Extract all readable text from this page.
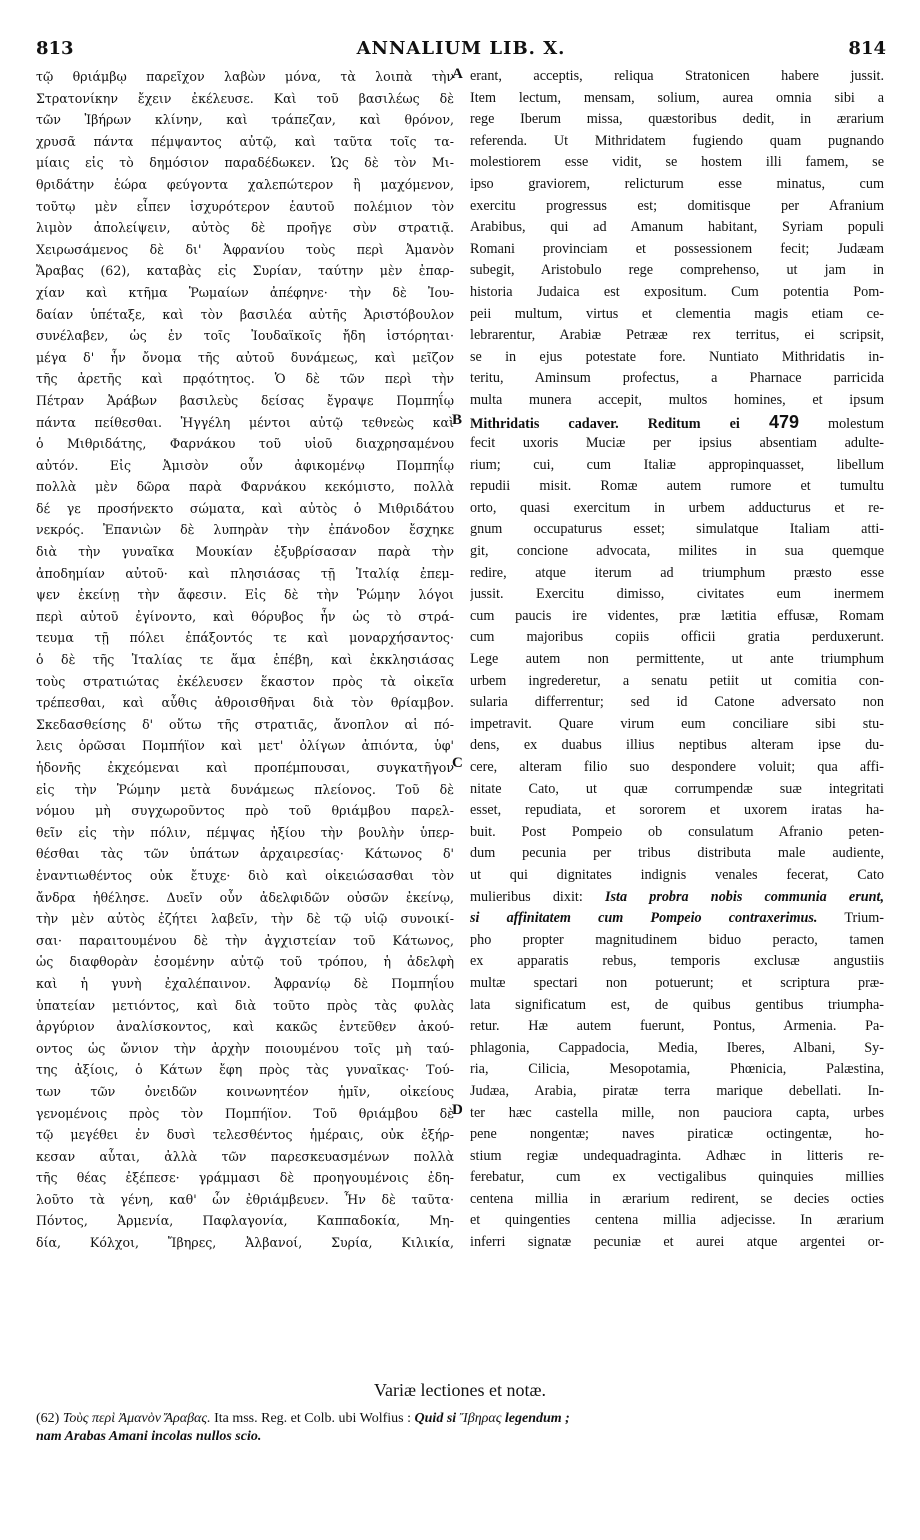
813	ANNALIUM LIB. X.	814
τῷ θριάμβῳ παρεῖχον λαβὼν μόνα, τὰ λοιπὰ τὴν
Στρατονίκην ἔχειν ἐκέλευσε. Καὶ τοῦ βασιλέως δὲ
τῶν Ἰβήρων κλίνην, καὶ τράπεζαν, καὶ θρόνον,
χρυσᾶ πάντα πέμψαντος αὐτῷ, καὶ ταῦτα τοῖς τα-
μίαις εἰς τὸ δημόσιον παραδέδωκεν. Ὡς δὲ τὸν Μι-
θριδάτην ἑώρα φεύγοντα χαλεπώτερον ἢ μαχόμενον,
τοῦτῳ μὲν εἶπεν ἰσχυρότερον ἑαυτοῦ πολέμιον τὸν
λιμὸν ἀπολείψειν, αὐτὸς δὲ προῆγε σὺν στρατιᾷ.
Χειρωσάμενος δὲ δι' Ἀφρανίου τοὺς περὶ Ἀμανὸν
Ἄραβας (62), καταβὰς εἰς Συρίαν, ταύτην μὲν ἐπαρ-
χίαν καὶ κτῆμα Ῥωμαίων ἀπέφηνε· τὴν δὲ Ἰου-
δαίαν ὑπέταξε, καὶ τὸν βασιλέα αὐτῆς Ἀριστόβουλον
συνέλαβεν, ὡς ἐν τοῖς Ἰουδαϊκοῖς ἤδη ἱστόρηται·
μέγα δ' ἦν ὄνομα τῆς αὐτοῦ δυνάμεως, καὶ μεῖζον
τῆς ἀρετῆς καὶ πρᾳότητος. Ὁ δὲ τῶν περὶ τὴν
Πέτραν Ἀράβων βασιλεὺς δείσας ἔγραψε Πομπηΐῳ
πάντα πείθεσθαι. Ἠγγέλη μέντοι αὐτῷ τεθνεὼς καὶ
ὁ Μιθριδάτης, Φαρνάκου τοῦ υἱοῦ διαχρησαμένου
αὐτόν. Εἰς Ἀμισὸν οὖν ἀφικομένῳ Πομπηΐῳ
πολλὰ μὲν δῶρα παρὰ Φαρνάκου κεκόμιστο, πολλὰ
δέ γε προσήνεκτο σώματα, καὶ αὐτὸς ὁ Μιθριδάτου
νεκρός. Ἐπανιὼν δὲ λυπηρὰν τὴν ἐπάνοδον ἔσχηκε
διὰ τὴν γυναῖκα Μουκίαν ἐξυβρίσασαν παρὰ τὴν
ἀποδημίαν αὐτοῦ· καὶ πλησιάσας τῇ Ἰταλίᾳ ἐπεμ-
ψεν ἐκείνῃ τὴν ἄφεσιν. Εἰς δὲ τὴν Ῥώμην λόγοι
περὶ αὐτοῦ ἐγίνοντο, καὶ θόρυβος ἦν ὡς τὸ στρά-
τευμα τῇ πόλει ἐπάξοντός τε καὶ μοναρχήσαντος·
ὁ δὲ τῆς Ἰταλίας τε ἅμα ἐπέβη, καὶ ἐκκλησιάσας
τοὺς στρατιώτας ἐκέλευσεν ἕκαστον πρὸς τὰ οἰκεῖα
τρέπεσθαι, καὶ αὖθις ἀθροισθῆναι διὰ τὸν θρίαμβον.
Σκεδασθείσης δ' οὕτω τῆς στρατιᾶς, ἄνοπλον αἱ πό-
λεις ὁρῶσαι Πομπήϊον καὶ μετ' ὀλίγων ἀπιόντα, ὑφ'
ἡδονῆς ἐκχεόμεναι καὶ προπέμπουσαι, συγκατῆγον
εἰς τὴν Ῥώμην μετὰ δυνάμεως πλείονος. Τοῦ δὲ
νόμου μὴ συγχωροῦντος πρὸ τοῦ θριάμβου παρελ-
θεῖν εἰς τὴν πόλιν, πέμψας ἠξίου τὴν βουλὴν ὑπερ-
θέσθαι τὰς τῶν ὑπάτων ἀρχαιρεσίας· Κάτωνος δ'
ἐναντιωθέντος οὐκ ἔτυχε· διὸ καὶ οἰκειώσασθαι τὸν
ἄνδρα ἠθέλησε. Δυεῖν οὖν ἀδελφιδῶν οὐσῶν ἐκείνῳ,
τὴν μὲν αὐτὸς ἐζήτει λαβεῖν, τὴν δὲ τῷ υἱῷ συνοικί-
σαι· παραιτουμένου δὲ τὴν ἀγχιστείαν τοῦ Κάτωνος,
ὡς διαφθορὰν ἐσομένην αὐτῷ τοῦ τρόπου, ἡ ἀδελφὴ
καὶ ἡ γυνὴ ἐχαλέπαινον. Ἀφρανίῳ δὲ Πομπηΐου
ὑπατείαν μετιόντος, καὶ διὰ τοῦτο πρὸς τὰς φυλὰς
ἀργύριον ἀναλίσκοντος, καὶ κακῶς ἐντεῦθεν ἀκού-
οντος ὡς ὤνιον τὴν ἀρχὴν ποιουμένου τοῖς μὴ ταύ-
της ἀξίοις, ὁ Κάτων ἔφη πρὸς τὰς γυναῖκας· Τού-
των τῶν ὀνειδῶν κοινωνητέον ἡμῖν, οἰκείους
γενομένοις πρὸς τὸν Πομπήϊον. Τοῦ θριάμβου δὲ
τῷ μεγέθει ἐν δυσὶ τελεσθέντος ἡμέραις, οὐκ ἐξήρ-
κεσαν αὗται, ἀλλὰ τῶν παρεσκευασμένων πολλὰ
τῆς θέας ἐξέπεσε· γράμμασι δὲ προηγουμένοις ἐδη-
λοῦτο τὰ γένη, καθ' ὧν ἐθριάμβευεν. Ἦν δὲ ταῦτα·
Πόντος, Ἀρμενία, Παφλαγονία, Καππαδοκία, Μη-
δία, Κόλχοι, Ἴβηρες, Ἀλβανοί, Συρία, Κιλικία,
erant, acceptis, reliqua Stratonicen habere jussit.
Item lectum, mensam, solium, aurea omnia sibi a
rege Iberum missa, quæstoribus dedit, in ærarium
referenda. Ut Mithridatem fugiendo quam pugnando
molestiorem esse vidit, se hostem illi famem, se
ipso graviorem, relicturum esse minatus, cum
exercitu progressus est; domitisque per Afranium
Arabibus, qui ad Amanum habitant, Syriam populi
Romani provinciam et possessionem fecit; Judæam
subegit, Aristobulo rege comprehenso, ut jam in
historia Judaica est expositum. Cum potentia Pom-
peii multum, virtus et clementia magis etiam ce-
lebrarentur, Arabiæ Petrææ rex territus, ei scripsit,
se in ejus potestate fore. Nuntiato Mithridatis in-
teritu, Aminsum profectus, a Pharnace parricida
multa munera accepit, multos homines, et ipsum
Mithridatis cadaver. Reditum ei 479 molestum
fecit uxoris Muciæ per ipsius absentiam adulte-
rium; cui, cum Italiæ appropinquasset, libellum
repudii misit. Romæ autem rumore et tumultu
orto, quasi exercitum in urbem adducturus et re-
gnum occupaturus esset; simulatque Italiam atti-
git, concione advocata, milites in sua quemque
redire, atque iterum ad triumphum præsto esse
jussit. Exercitu dimisso, civitates eum inermem
cum paucis ire videntes, præ lætitia effusæ, Romam
cum majoribus copiis officii gratia perduxerunt.
Lege autem non permittente, ut ante triumphum
urbem ingrederetur, a senatu petiit ut comitia con-
sularia differrentur; sed id Catone adversato non
impetravit. Quare virum eum conciliare sibi stu-
dens, ex duabus illius neptibus alteram ipse du-
cere, alteram filio suo despondere voluit; qua affi-
nitate Cato, ut quæ corrumpendæ suæ integritati
esset, repudiata, et sororem et uxorem iratas ha-
buit. Post Pompeio ob consulatum Afranio peten-
dum pecunia per tribus distributa male audiente,
ut qui dignitates indignis venales fecerat, Cato
mulieribus dixit: Ista probra nobis communia erunt,
si affinitatem cum Pompeio contraxerimus. Trium-
pho propter magnitudinem biduo peracto, tamen
ex apparatis rebus, temporis exclusæ angustiis
multæ spectari non potuerunt; et scriptura præ-
lata significatum est, de quibus gentibus triumpha-
retur. Hæ autem fuerunt, Pontus, Armenia. Pa-
phlagonia, Cappadocia, Media, Iberes, Albani, Sy-
ria, Cilicia, Mesopotamia, Phœnicia, Palæstina,
Judæa, Arabia, piratæ terra marique debellati. In-
ter hæc castella mille, non pauciora capta, urbes
pene nongentæ; naves piraticæ octingentæ, ho-
stium regiæ undequadraginta. Adhæc in litteris re-
ferebatur, cum ex vectigalibus quinquies millies
centena millia in ærarium redirent, se decies octies
et quingenties centena millia adjecisse. In ærarium
inferri signatæ pecuniæ et aurei atque argentei or-
A
B
C
D
Variæ lectiones et notæ.
(62) Τοὺς περὶ Ἀμανὸν Ἄραβας. Ita mss. Reg. et Colb. ubi Wolfius : Quid si Ἴβηρας legendum ;
nam Arabas Amani incolas nullos scio.
